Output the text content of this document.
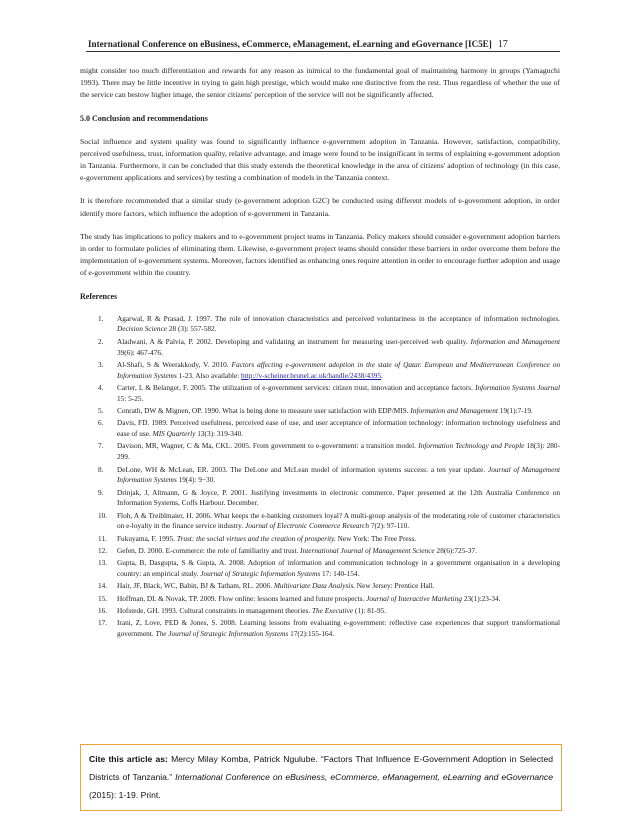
International Conference on eBusiness, eCommerce, eManagement, eLearning and eGovernance [IC5E] 17

might consider too much differentiation and rewards for any reason as inimical to the fundamental goal of maintaining harmony in groups (Yamaguchi 1993). There may be little incentive in trying to gain high prestige, which would make one distinctive from the rest. Thus regardless of whether the use of the service can bestow higher image, the senior citizens' perception of the service will not be significantly affected.

5.0 Conclusion and recommendations

Social influence and system quality was found to significantly influence e-government adoption in Tanzania. However, satisfaction, compatibility, perceived usefulness, trust, information quality, relative advantage, and image were found to be insignificant in terms of explaining e-government adoption in Tanzania. Furthermore, it can be concluded that this study extends the theoretical knowledge in the area of citizens' adoption of technology (in this case, e-government applications and services) by testing a combination of models in the Tanzania context.

It is therefore recommended that a similar study (e-government adoption G2C) be conducted using different models of e-government adoption, in order identify more factors, which influence the adoption of e-government in Tanzania.

The study has implications to policy makers and to e-government project teams in Tanzania. Policy makers should consider e-government adoption barriers in order to formulate policies of eliminating them. Likewise, e-government project teams should consider these barriers in order overcome them before the implementation of e-government systems. Moreover, factors identified as enhancing ones require attention in order to encourage further adoption and usage of e-government within the country.

References
1.	Agarwal, R & Prasad, J. 1997. The role of innovation characteristics and perceived voluntariness in the acceptance of information technologies. Decision Science 28 (3): 557-582.
2.	Aladwani, A & Palvia, P. 2002. Developing and validating an instrument for measuring user-perceived web quality. Information and Management 39(6): 467-476.
3.	Al-Shafi, S & Weerakkody, V. 2010. Factors affecting e-government adoption in the state of Qatar. European and Mediterranean Conference on Information Systems 1-23. Also available: http://v-scheiner.brunel.ac.uk/handle/2438/4395.
4.	Carter, L & Belanger, F. 2005. The utilization of e-government services: citizen trust, innovation and acceptance factors. Information Systems Journal 15: 5-25.
5.	Conrath, DW & Mignen, OP. 1990. What is being done to measure user satisfaction with EDP/MIS. Information and Management 19(1):7-19.
6.	Davis, FD. 1989. Perceived usefulness, perceived ease of use, and user acceptance of information technology: information technology usefulness and ease of use. MIS Quarterly 13(3): 319-340.
7.	Davison, MR, Wagner, C & Ma, CKL. 2005. From government to e-government: a transition model. Information Technology and People 18(3): 280-299.
8.	DeLone, WH & McLean, ER. 2003. The DeLone and McLean model of information systems success: a ten year update. Journal of Management Information Systems 19(4): 9−30.
9.	Drinjak, J, Altmann, G & Joyce, P. 2001. Justifying investments in electronic commerce. Paper presented at the 12th Australia Conference on Information Systems, Coffs Harbour. December.
10.	Floh, A & Treiblmaier, H. 2006. What keeps the e-banking customers loyal? A multi-group analysis of the moderating role of customer characteristics on e-loyalty in the finance service industry. Journal of Electronic Commerce Research 7(2): 97-110.
11.	Fukuyama, F. 1995. Trust: the social virtues and the creation of prosperity. New York: The Free Press.
12.	Gefen, D. 2000. E-commerce: the role of familiarity and trust. International Journal of Management Science 28(6):725-37.
13.	Gupta, B, Dasgupta, S & Gupta, A. 2008. Adoption of information and communication technology in a government organisation in a developing country: an empirical study. Journal of Strategic Information Systems 17: 140-154.
14.	Hair, JF, Black, WC, Babin, BJ & Tatham, RL. 2006. Multivariate Data Analysis. New Jersey: Prentice Hall.
15.	Hoffman, DL & Novak, TP. 2009. Flow online: lessons learned and future prospects. Journal of Interactive Marketing 23(1):23-34.
16.	Hofstede, GH. 1993. Cultural constraints in management theories. The Executive (1): 81-95.
17.	Irani, Z, Love, PED & Jones, S. 2008. Learning lessons from evaluating e-government: reflective case experiences that support transformational government. The Journal of Strategic Information Systems 17(2):155-164.
Cite this article as: Mercy Milay Komba, Patrick Ngulube. “Factors That Influence E-Government Adoption in Selected Districts of Tanzania.” International Conference on eBusiness, eCommerce, eManagement, eLearning and eGovernance (2015): 1-19. Print.
